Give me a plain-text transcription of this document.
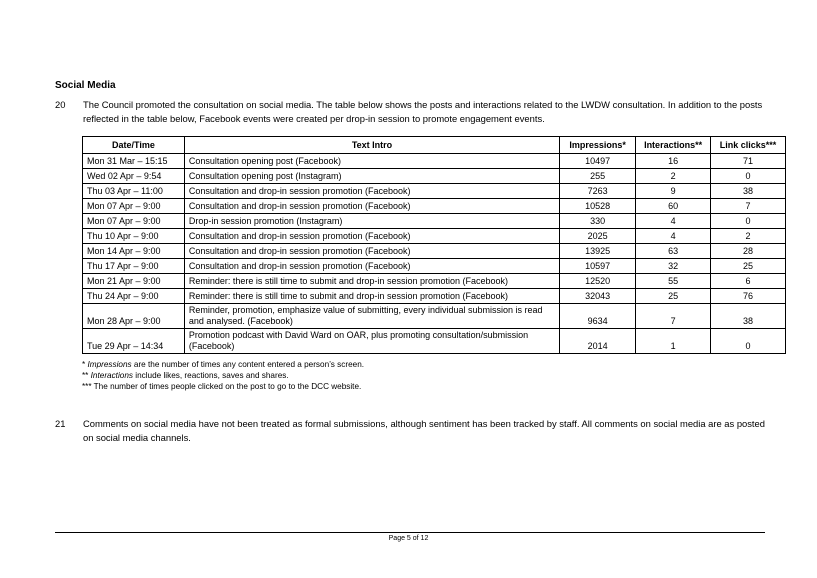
Social Media
20 The Council promoted the consultation on social media. The table below shows the posts and interactions related to the LWDW consultation. In addition to the posts reflected in the table below, Facebook events were created per drop-in session to promote engagement events.
Date/Time	Text Intro	Impressions*	Interactions**	Link clicks***
Mon 31 Mar – 15:15	Consultation opening post (Facebook)	10497	16	71
Wed 02 Apr – 9:54	Consultation opening post (Instagram)	255	2	0
Thu 03 Apr – 11:00	Consultation and drop-in session promotion (Facebook)	7263	9	38
Mon 07 Apr – 9:00	Consultation and drop-in session promotion (Facebook)	10528	60	7
Mon 07 Apr – 9:00	Drop-in session promotion (Instagram)	330	4	0
Thu 10 Apr – 9:00	Consultation and drop-in session promotion (Facebook)	2025	4	2
Mon 14 Apr – 9:00	Consultation and drop-in session promotion (Facebook)	13925	63	28
Thu 17 Apr – 9:00	Consultation and drop-in session promotion (Facebook)	10597	32	25
Mon 21 Apr – 9:00	Reminder: there is still time to submit and drop-in session promotion (Facebook)	12520	55	6
Thu 24 Apr – 9:00	Reminder: there is still time to submit and drop-in session promotion (Facebook)	32043	25	76
Mon 28 Apr – 9:00	Reminder, promotion, emphasize value of submitting, every individual submission is read and analysed. (Facebook)	9634	7	38
Tue 29 Apr – 14:34	Promotion podcast with David Ward on OAR, plus promoting consultation/submission (Facebook)	2014	1	0
* Impressions are the number of times any content entered a person’s screen.
** Interactions include likes, reactions, saves and shares.
*** The number of times people clicked on the post to go to the DCC website.
21 Comments on social media have not been treated as formal submissions, although sentiment has been tracked by staff. All comments on social media are as posted on social media channels.
Page 5 of 12
